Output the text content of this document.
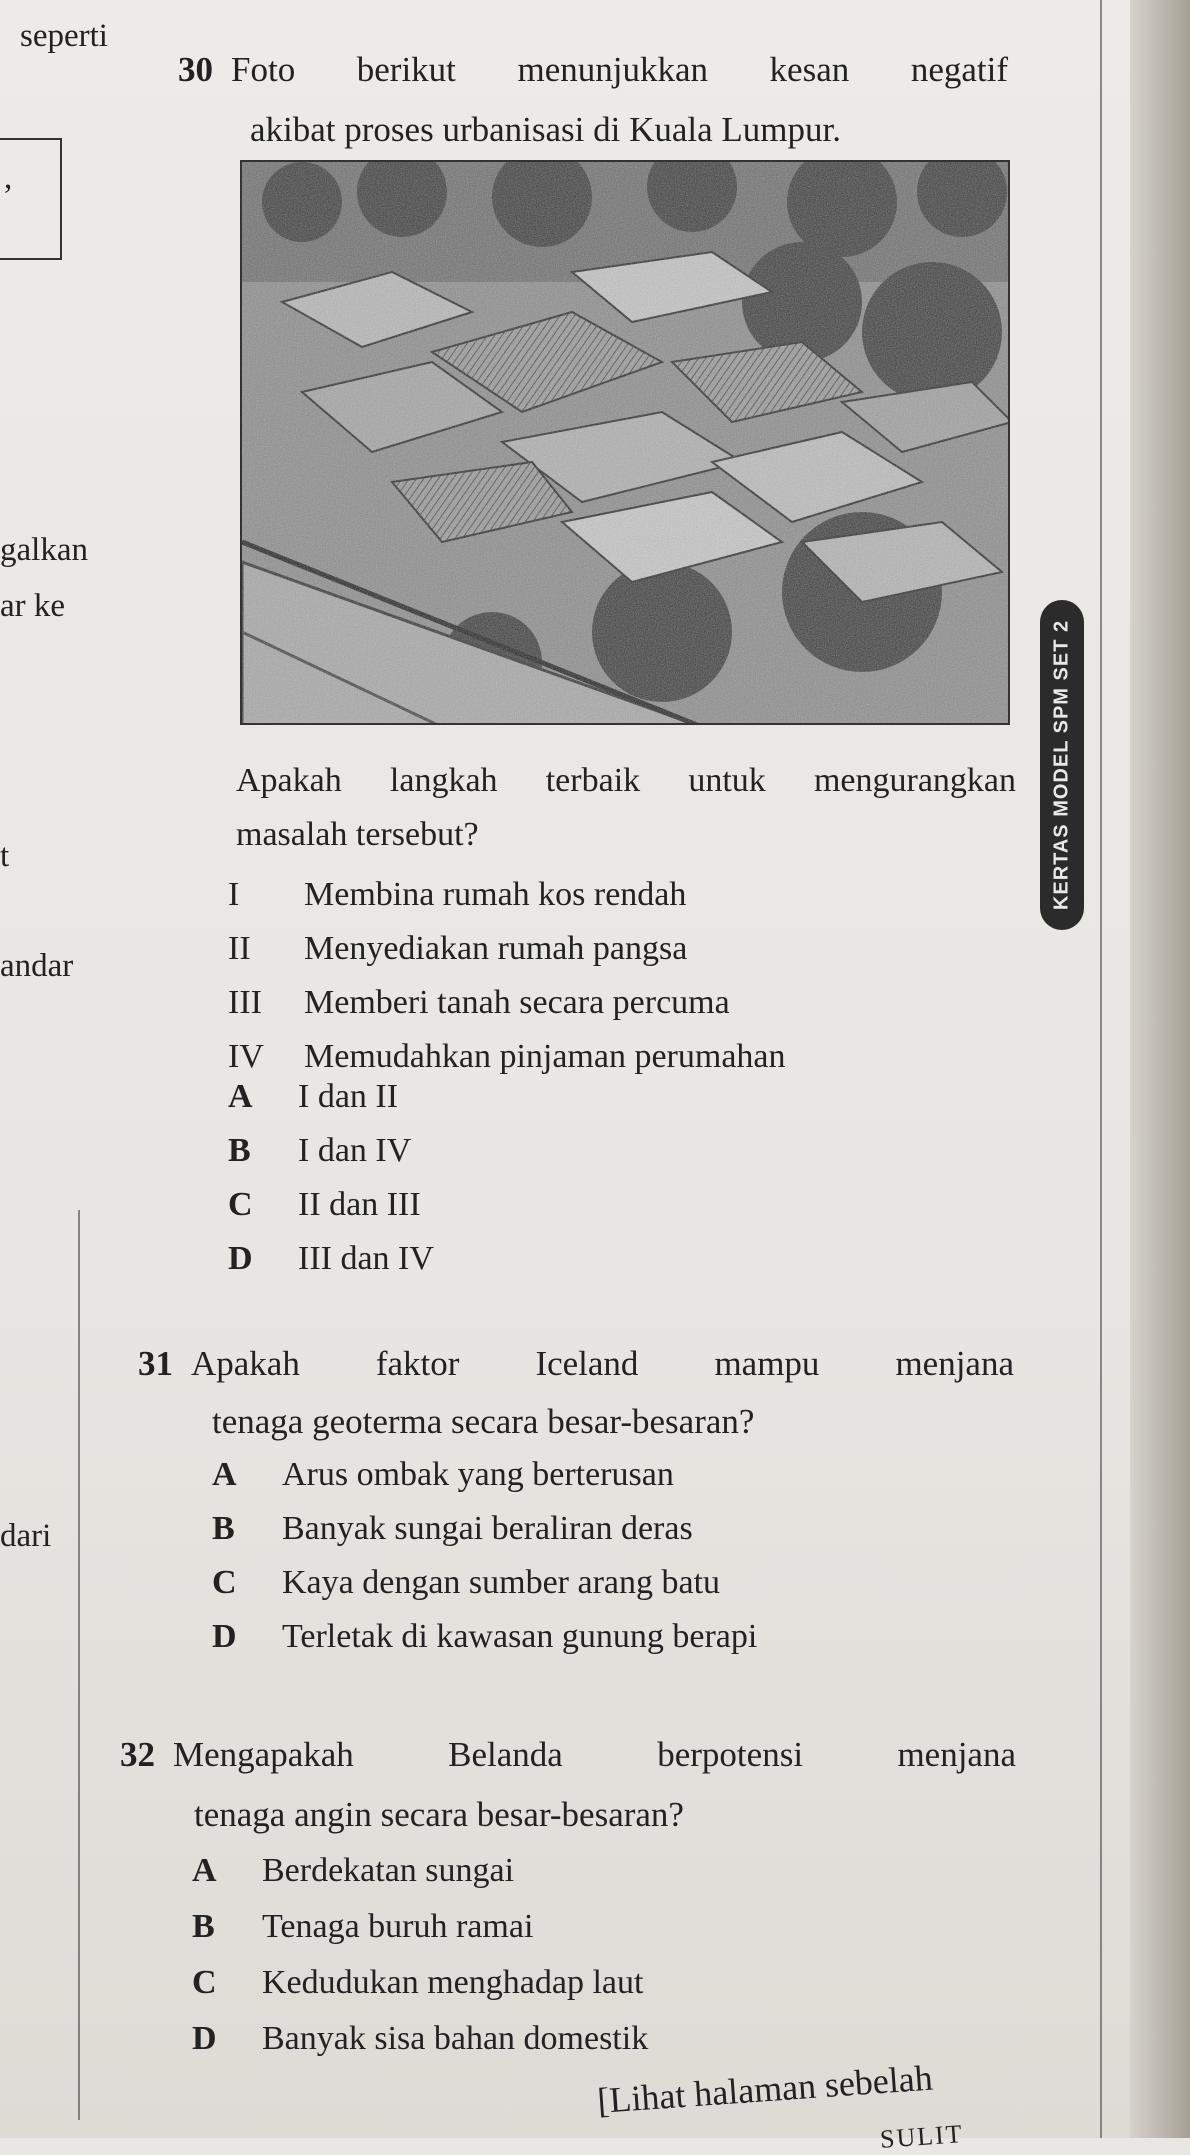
seperti
,
galkan
ar ke
t
andar
dari
30 Foto berikut menunjukkan kesan negatif
akibat proses urbanisasi di Kuala Lumpur.
KERTAS MODEL SPM SET 2
Apakah langkah terbaik untuk mengurangkan
masalah tersebut?
I Membina rumah kos rendah
II Menyediakan rumah pangsa
III Memberi tanah secara percuma
IV Memudahkan pinjaman perumahan
A I dan II
B I dan IV
C II dan III
D III dan IV
31 Apakah faktor Iceland mampu menjana
tenaga geoterma secara besar-besaran?
A Arus ombak yang berterusan
B Banyak sungai beraliran deras
C Kaya dengan sumber arang batu
D Terletak di kawasan gunung berapi
32 Mengapakah Belanda berpotensi menjana
tenaga angin secara besar-besaran?
A Berdekatan sungai
B Tenaga buruh ramai
C Kedudukan menghadap laut
D Banyak sisa bahan domestik
[Lihat halaman sebelah
SULIT
